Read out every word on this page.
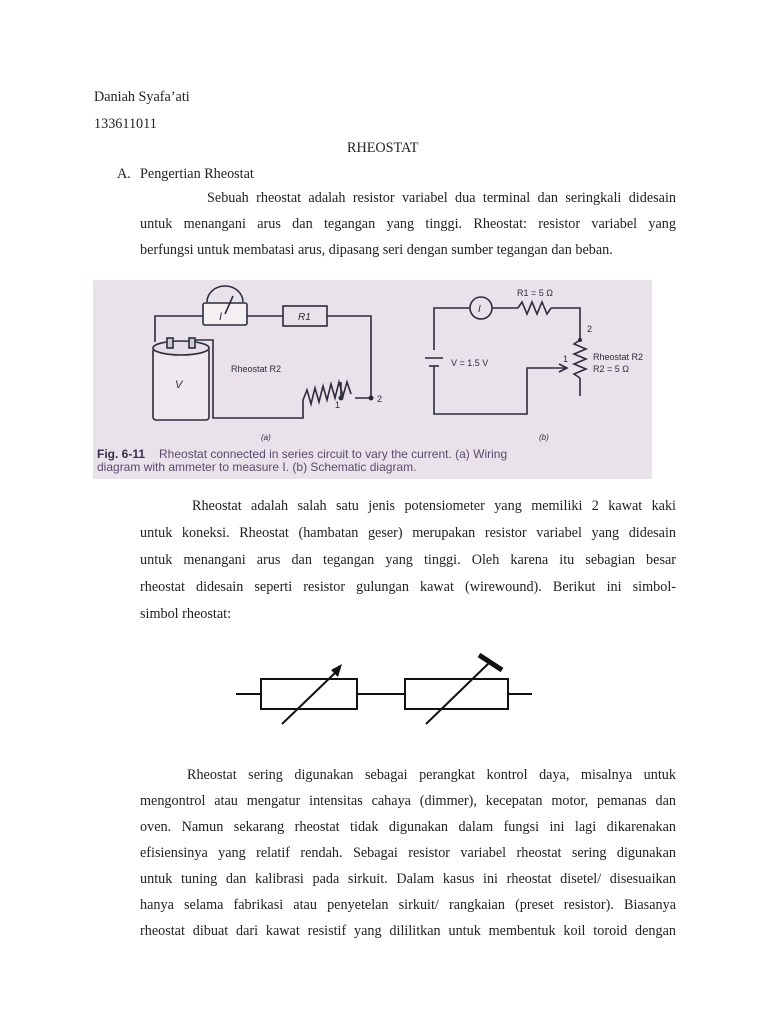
Daniah Syafa’ati
133611011
RHEOSTAT
A. Pengertian Rheostat
Sebuah rheostat adalah resistor variabel dua terminal dan seringkali didesain
untuk menangani arus dan tegangan yang tinggi. Rheostat: resistor variabel yang
berfungsi untuk membatasi arus, dipasang seri dengan sumber tegangan dan beban.
I	R1
V
Rheostat R2
1
2
(a)
I
R1 = 5 Ω
V = 1.5 V
Rheostat R2
R2 = 5 Ω
1
2
(b)
Fig. 6-11 Rheostat connected in series circuit to vary the current. (a) Wiring
diagram with ammeter to measure I. (b) Schematic diagram.
Rheostat adalah salah satu jenis potensiometer yang memiliki 2 kawat kaki
untuk koneksi. Rheostat (hambatan geser) merupakan resistor variabel yang didesain
untuk menangani arus dan tegangan yang tinggi. Oleh karena itu sebagian besar
rheostat didesain seperti resistor gulungan kawat (wirewound). Berikut ini simbol-
simbol rheostat:
Rheostat sering digunakan sebagai perangkat kontrol daya, misalnya untuk
mengontrol atau mengatur intensitas cahaya (dimmer), kecepatan motor, pemanas dan
oven. Namun sekarang rheostat tidak digunakan dalam fungsi ini lagi dikarenakan
efisiensinya yang relatif rendah. Sebagai resistor variabel rheostat sering digunakan
untuk tuning dan kalibrasi pada sirkuit. Dalam kasus ini rheostat disetel/ disesuaikan
hanya selama fabrikasi atau penyetelan sirkuit/ rangkaian (preset resistor). Biasanya
rheostat dibuat dari kawat resistif yang dililitkan untuk membentuk koil toroid dengan
